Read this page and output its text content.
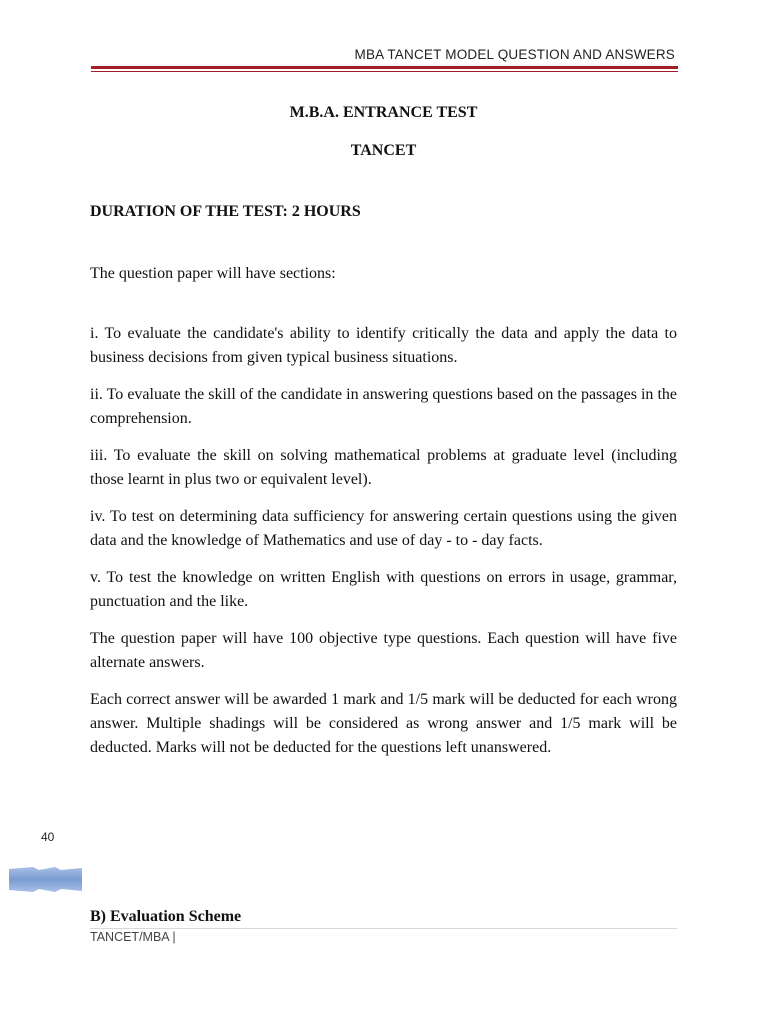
MBA TANCET MODEL QUESTION AND ANSWERS
M.B.A. ENTRANCE TEST
TANCET
DURATION OF THE TEST: 2 HOURS

The question paper will have sections:

i. To evaluate the candidate's ability to identify critically the data and apply the data to business decisions from given typical business situations.

ii. To evaluate the skill of the candidate in answering questions based on the passages in the comprehension.

iii. To evaluate the skill on solving mathematical problems at graduate level (including those learnt in plus two or equivalent level).

iv. To test on determining data sufficiency for answering certain questions using the given data and the knowledge of Mathematics and use of day - to - day facts.

v. To test the knowledge on written English with questions on errors in usage, grammar, punctuation and the like.

The question paper will have 100 objective type questions. Each question will have five alternate answers.

Each correct answer will be awarded 1 mark and 1/5 mark will be deducted for each wrong answer. Multiple shadings will be considered as wrong answer and 1/5 mark will be deducted. Marks will not be deducted for the questions left unanswered.

40
B) Evaluation Scheme
TANCET/MBA |
